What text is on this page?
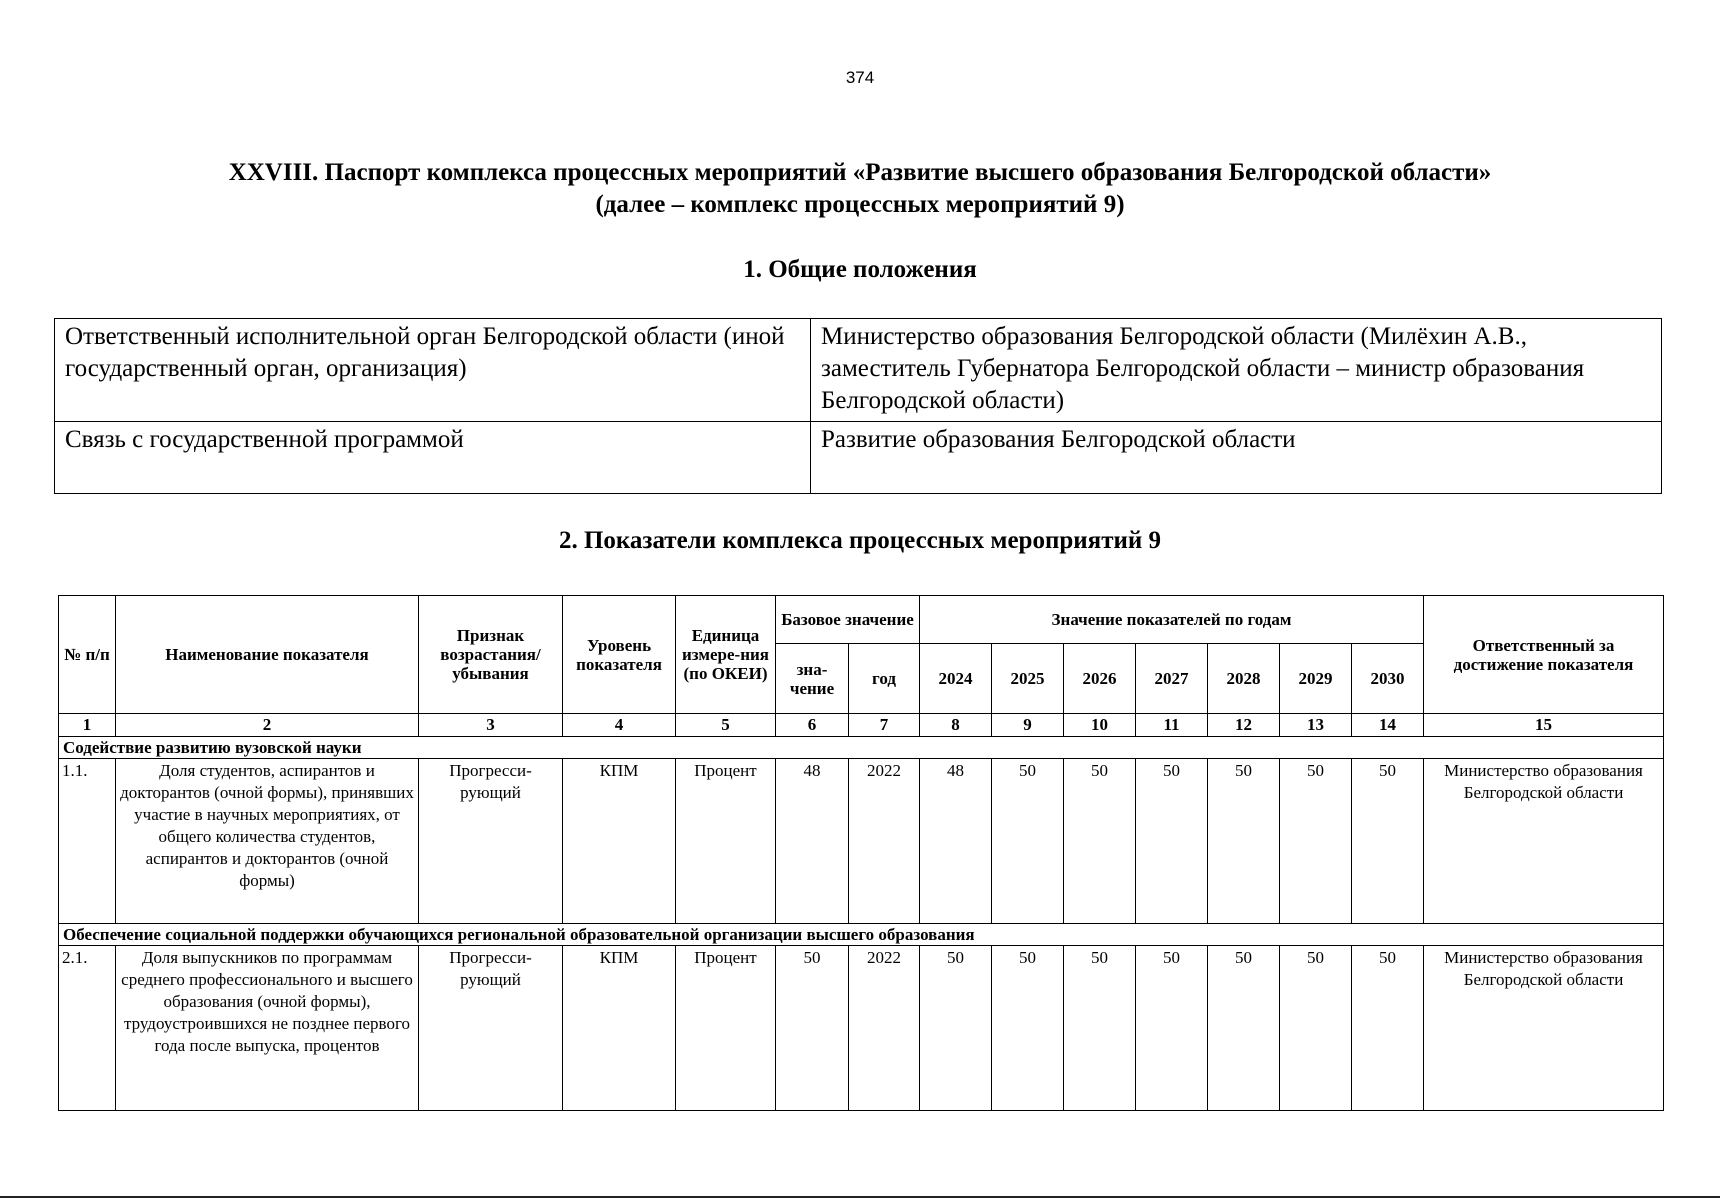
374
XXVIII. Паспорт комплекса процессных мероприятий «Развитие высшего образования Белгородской области»
(далее – комплекс процессных мероприятий 9)
1. Общие положения
Ответственный исполнительной орган Белгородской области (иной государственный орган, организация)	Министерство образования Белгородской области (Милёхин А.В., заместитель Губернатора Белгородской области – министр образования Белгородской области)
Связь с государственной программой	Развитие образования Белгородской области
2. Показатели комплекса процессных мероприятий 9
№ п/п	Наименование показателя	Признак возрастания/ убывания	Уровень показателя	Единица измере-ния (по ОКЕИ)	Базовое значение		Значение показателей по годам							Ответственный за достижение показателя
					зна-чение	год	2024	2025	2026	2027	2028	2029	2030	
1	2	3	4	5	6	7	8	9	10	11	12	13	14	15
Содействие развитию вузовской науки														
1.1.	Доля студентов, аспирантов и докторантов (очной формы), принявших участие в научных мероприятиях, от общего количества студентов, аспирантов и докторантов (очной формы)	Прогресси-рующий	КПМ	Процент	48	2022	48	50	50	50	50	50	50	Министерство образования Белгородской области
Обеспечение социальной поддержки обучающихся региональной образовательной организации высшего образования														
2.1.	Доля выпускников по программам среднего профессионального и высшего образования (очной формы), трудоустроившихся не позднее первого года после выпуска, процентов	Прогресси-рующий	КПМ	Процент	50	2022	50	50	50	50	50	50	50	Министерство образования Белгородской области
